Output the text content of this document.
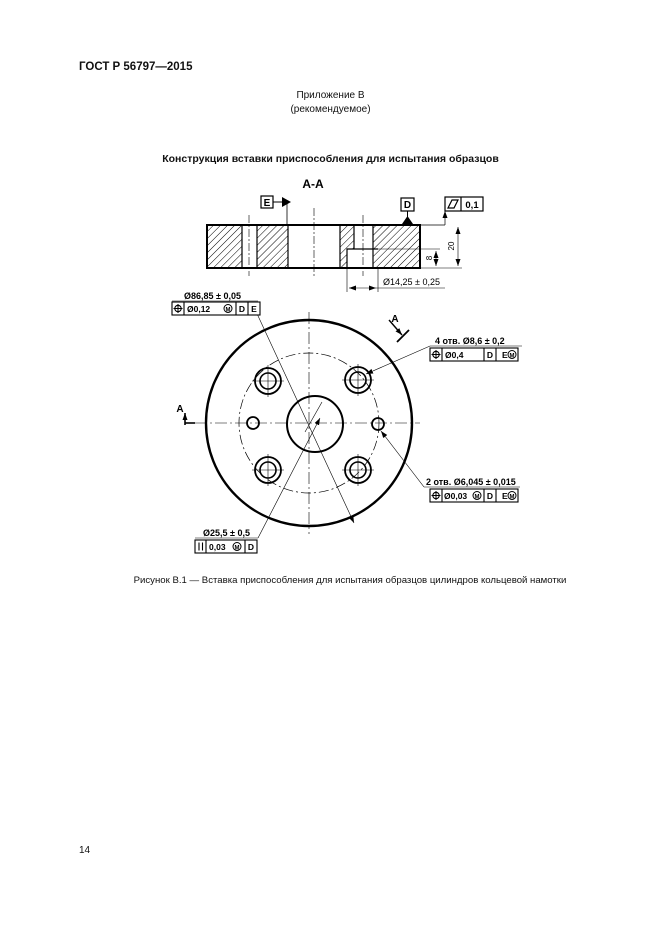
ГОСТ Р 56797—2015
Приложение В
(рекомендуемое)
Конструкция вставки приспособления для испытания образцов
А-А
E	D	0,1
20
8
Ø14,25 ± 0,25
А
А
Ø86,85 ± 0,05
Ø0,12	M D E
4 отв. Ø8,6 ± 0,2
Ø0,4	D E M
2 отв. Ø6,045 ± 0,015
Ø0,03 M D E M
Ø25,5 ± 0,5
0,03 M D
Рисунок В.1 — Вставка приспособления для испытания образцов цилиндров кольцевой намотки
14
